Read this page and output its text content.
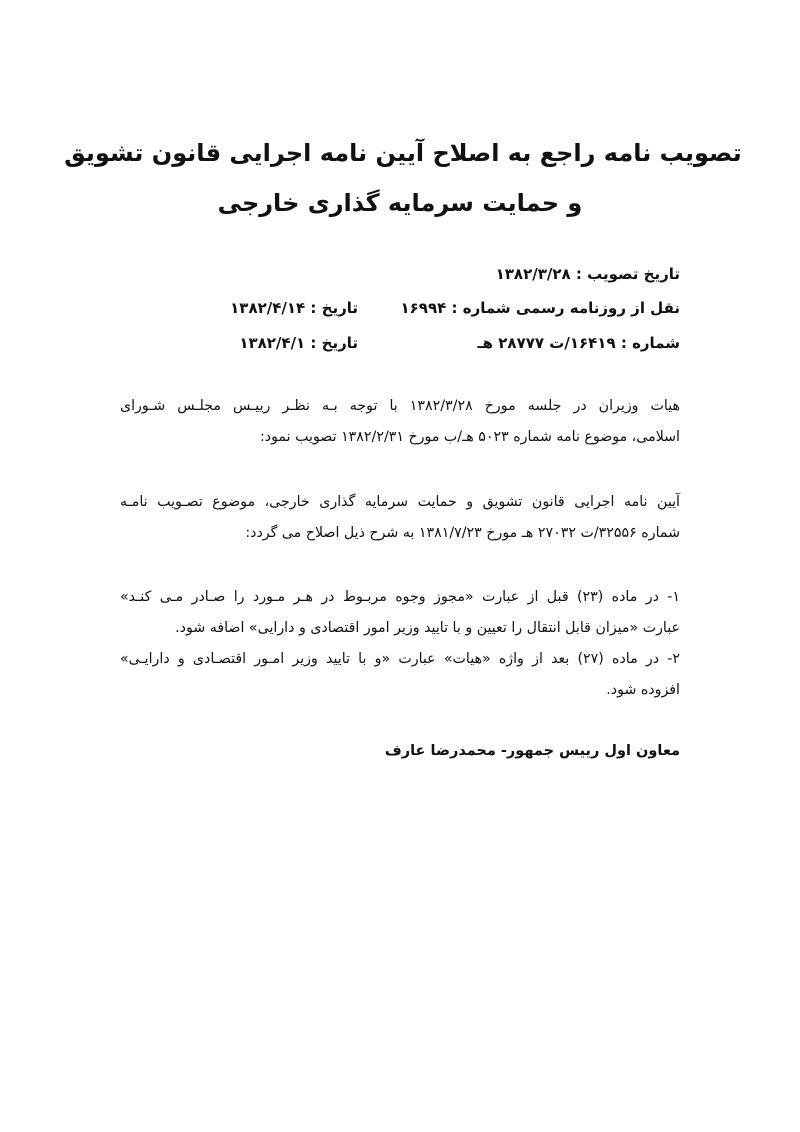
تصویب نامه راجع به اصلاح آیین نامه اجرایی قانون تشویق
و حمایت سرمایه گذاری خارجی
تاریخ تصویب : ۱۳۸۲/۳/۲۸
نقل از روزنامه رسمی شماره : ۱۶۹۹۴
تاریخ : ۱۳۸۲/۴/۱۴
شماره : ۱۶۴۱۹/ت ۲۸۷۷۷ هـ
تاریخ : ۱۳۸۲/۴/۱
هیات وزیران در جلسه مورخ ۱۳۸۲/۳/۲۸ با توجه بـه نظـر رییـس مجلـس شـورای
اسلامی، موضوع نامه شماره ۵۰۲۳ هـ/ب مورخ ۱۳۸۲/۲/۳۱ تصویب نمود:
آیین نامه اجرایی قانون تشویق و حمایت سرمایه گذاری خارجی، موضوع تصـویب نامـه
شماره ۳۲۵۵۶/ت ۲۷۰۳۲ هـ مورخ ۱۳۸۱/۷/۲۳ به شرح ذیل اصلاح می گردد:
۱- در ماده (۲۳) قبل از عبارت «مجوز وجوه مربـوط در هـر مـورد را صـادر مـی کنـد»
عبارت «میزان قابل انتقال را تعیین و با تایید وزیر امور اقتصادی و دارایی» اضافه شود.
۲- در ماده (۲۷) بعد از واژه «هیات» عبارت «و با تایید وزیر امـور اقتصـادی و دارایـی»
افزوده شود.
معاون اول رییس جمهور- محمدرضا عارف
